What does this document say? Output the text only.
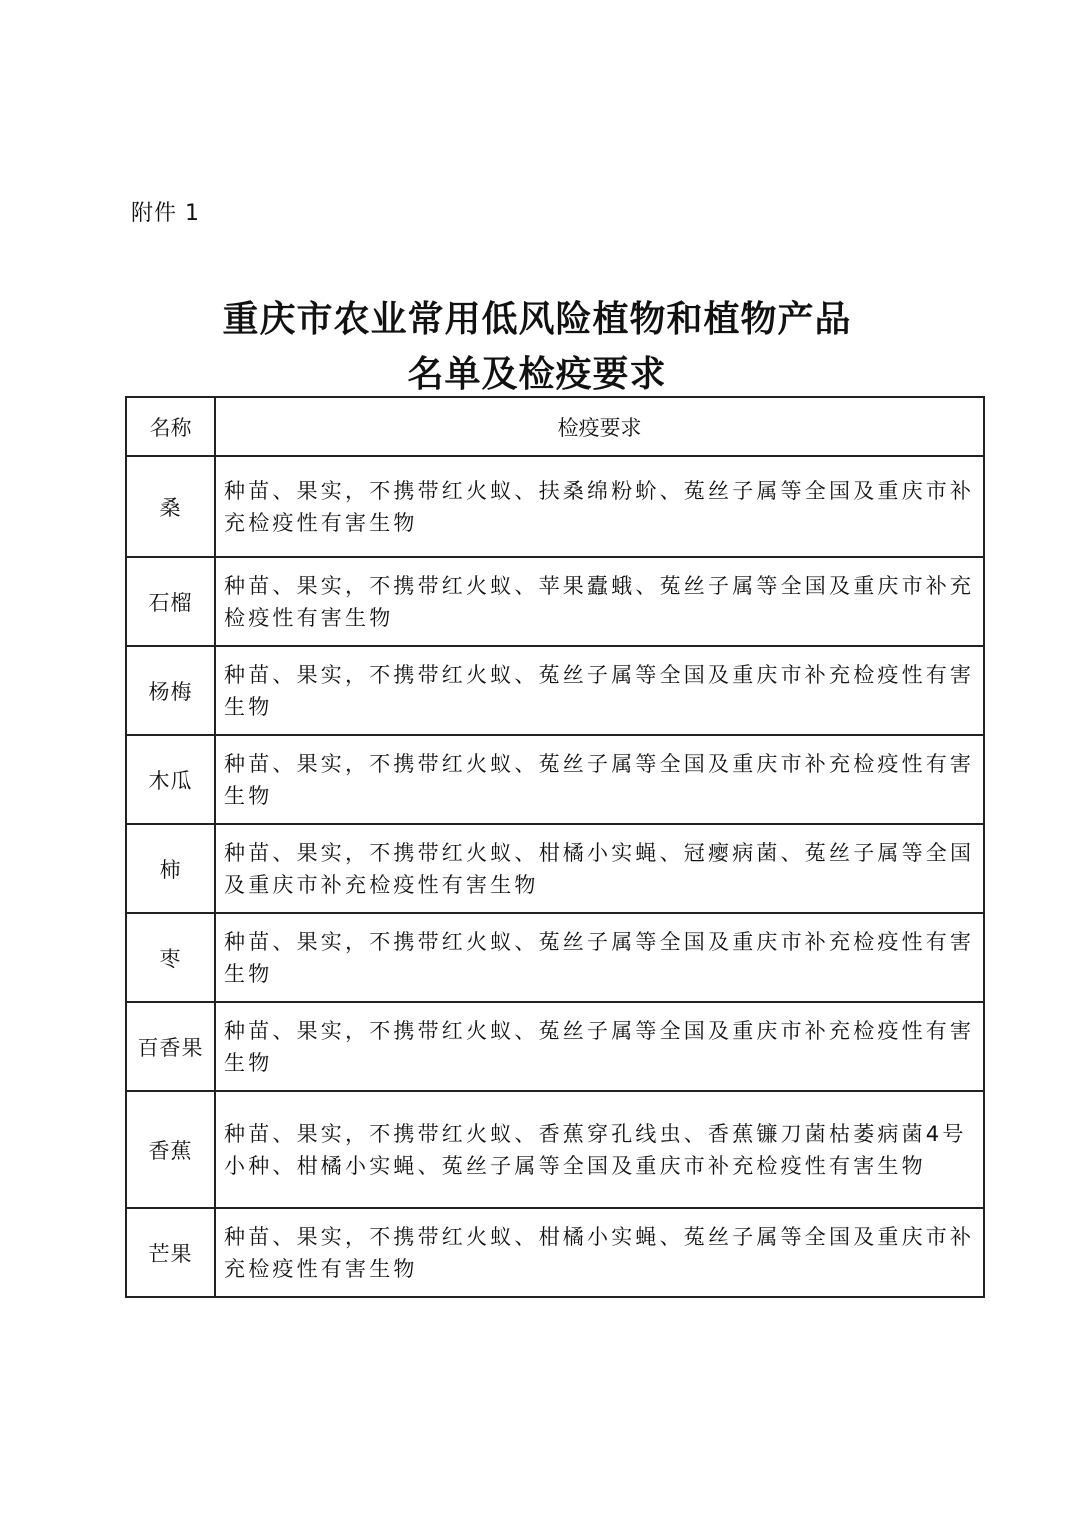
附件 1
重庆市农业常用低风险植物和植物产品
名单及检疫要求
名称	检疫要求
桑	种苗、果实，不携带红火蚁、扶桑绵粉蚧、菟丝子属等全国及重庆市补充检疫性有害生物
石榴	种苗、果实，不携带红火蚁、苹果蠹蛾、菟丝子属等全国及重庆市补充检疫性有害生物
杨梅	种苗、果实，不携带红火蚁、菟丝子属等全国及重庆市补充检疫性有害生物
木瓜	种苗、果实，不携带红火蚁、菟丝子属等全国及重庆市补充检疫性有害生物
柿	种苗、果实，不携带红火蚁、柑橘小实蝇、冠瘿病菌、菟丝子属等全国及重庆市补充检疫性有害生物
枣	种苗、果实，不携带红火蚁、菟丝子属等全国及重庆市补充检疫性有害生物
百香果	种苗、果实，不携带红火蚁、菟丝子属等全国及重庆市补充检疫性有害生物
香蕉	种苗、果实，不携带红火蚁、香蕉穿孔线虫、香蕉镰刀菌枯萎病菌4号小种、柑橘小实蝇、菟丝子属等全国及重庆市补充检疫性有害生物
芒果	种苗、果实，不携带红火蚁、柑橘小实蝇、菟丝子属等全国及重庆市补充检疫性有害生物
